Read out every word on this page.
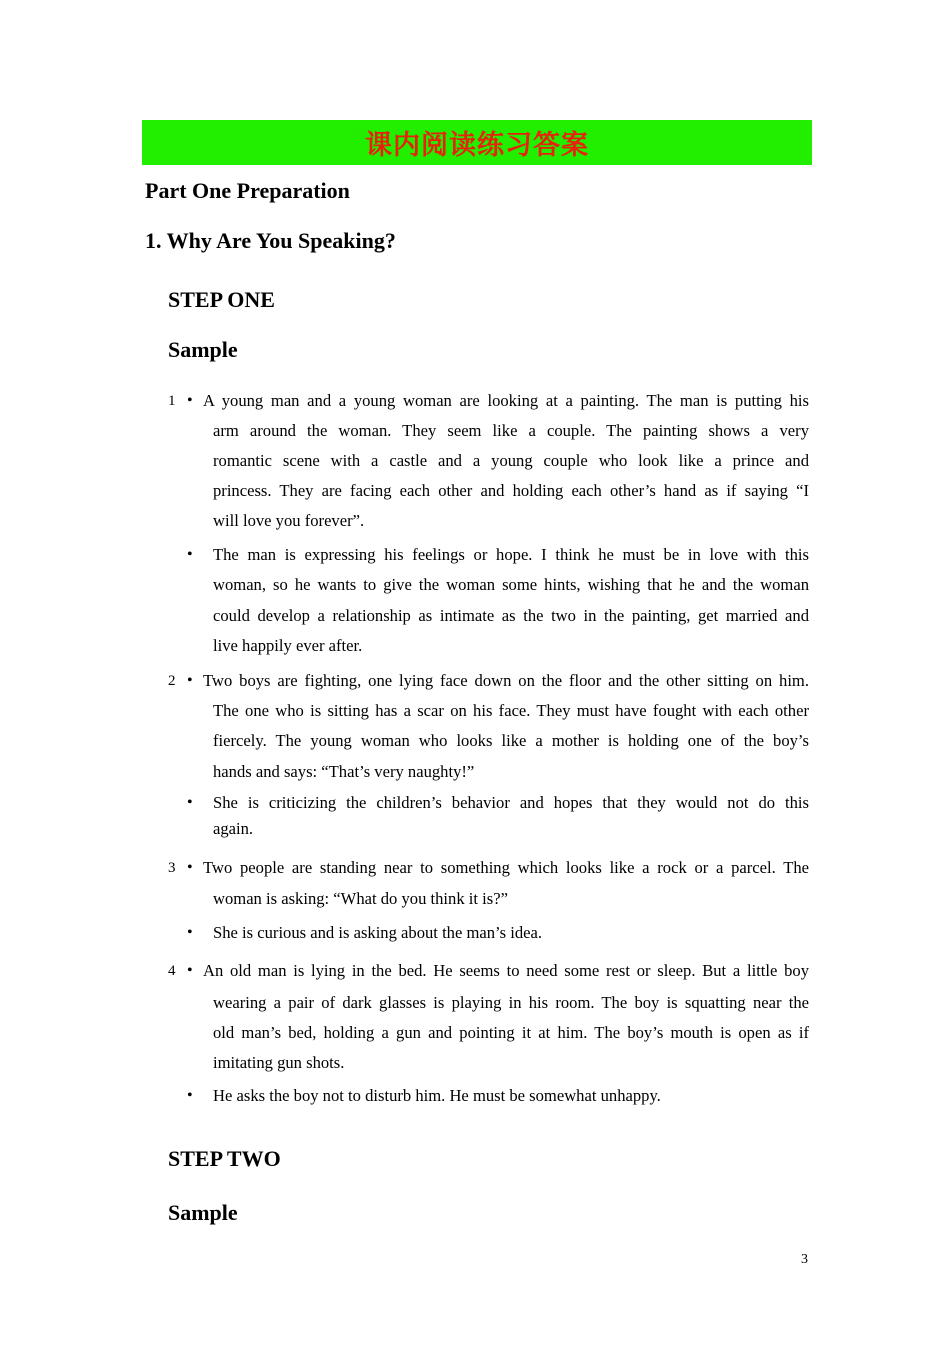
课内阅读练习答案
Part One Preparation
1. Why Are You Speaking?
STEP ONE
Sample
1 • A young man and a young woman are looking at a painting. The man is putting his
arm around the woman. They seem like a couple. The painting shows a very
romantic scene with a castle and a young couple who look like a prince and
princess. They are facing each other and holding each other’s hand as if saying “I
will love you forever”.
• The man is expressing his feelings or hope. I think he must be in love with this
woman, so he wants to give the woman some hints, wishing that he and the woman
could develop a relationship as intimate as the two in the painting, get married and
live happily ever after.
2 • Two boys are fighting, one lying face down on the floor and the other sitting on him.
The one who is sitting has a scar on his face. They must have fought with each other
fiercely. The young woman who looks like a mother is holding one of the boy’s
hands and says: “That’s very naughty!”
• She is criticizing the children’s behavior and hopes that they would not do this
again.
3 • Two people are standing near to something which looks like a rock or a parcel. The
woman is asking: “What do you think it is?”
• She is curious and is asking about the man’s idea.
4 • An old man is lying in the bed. He seems to need some rest or sleep. But a little boy
wearing a pair of dark glasses is playing in his room. The boy is squatting near the
old man’s bed, holding a gun and pointing it at him. The boy’s mouth is open as if
imitating gun shots.
• He asks the boy not to disturb him. He must be somewhat unhappy.
STEP TWO
Sample
3
